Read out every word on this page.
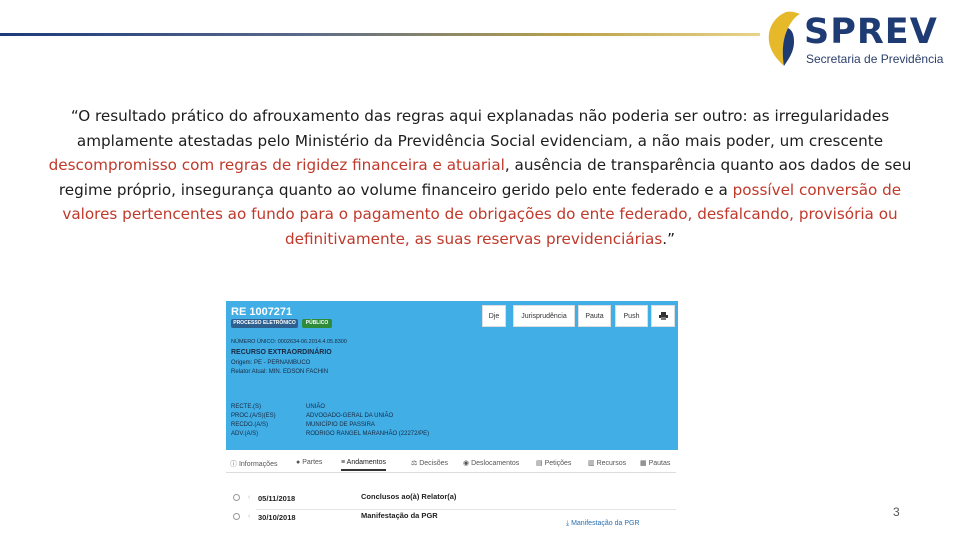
SPREV
Secretaria de Previdência
“O resultado prático do afrouxamento das regras aqui explanadas não poderia ser outro: as irregularidades amplamente atestadas pelo Ministério da Previdência Social evidenciam, a não mais poder, um crescente descompromisso com regras de rigidez financeira e atuarial, ausência de transparência quanto aos dados de seu regime próprio, insegurança quanto ao volume financeiro gerido pelo ente federado e a possível conversão de valores pertencentes ao fundo para o pagamento de obrigações do ente federado, desfalcando, provisória ou definitivamente, as suas reservas previdenciárias.”
RE 1007271
PROCESSO ELETRÔNICO	PÚBLICO
NÚMERO ÚNICO: 0002634-06.2014.4.05.8300
RECURSO EXTRAORDINÁRIO
Origem: PE - PERNAMBUCO
Relator Atual: MIN. EDSON FACHIN
RECTE.(S)	UNIÃO
PROC.(A/S)(ES)	ADVOGADO-GERAL DA UNIÃO
RECDO.(A/S)	MUNICÍPIO DE PASSIRA
ADV.(A/S)	RODRIGO RANGEL MARANHÃO (22272/PE)
Dje	Jurisprudência	Pauta	Push
ⓘ Informações	● Partes	≡ Andamentos	⚖ Decisões ◉ Deslocamentos ▤ Petições ▥ Recursos ▦ Pautas
‹ 05/11/2018	Conclusos ao(à) Relator(a)
‹ 30/10/2018	Manifestação da PGR
⤓ Manifestação da PGR
3
